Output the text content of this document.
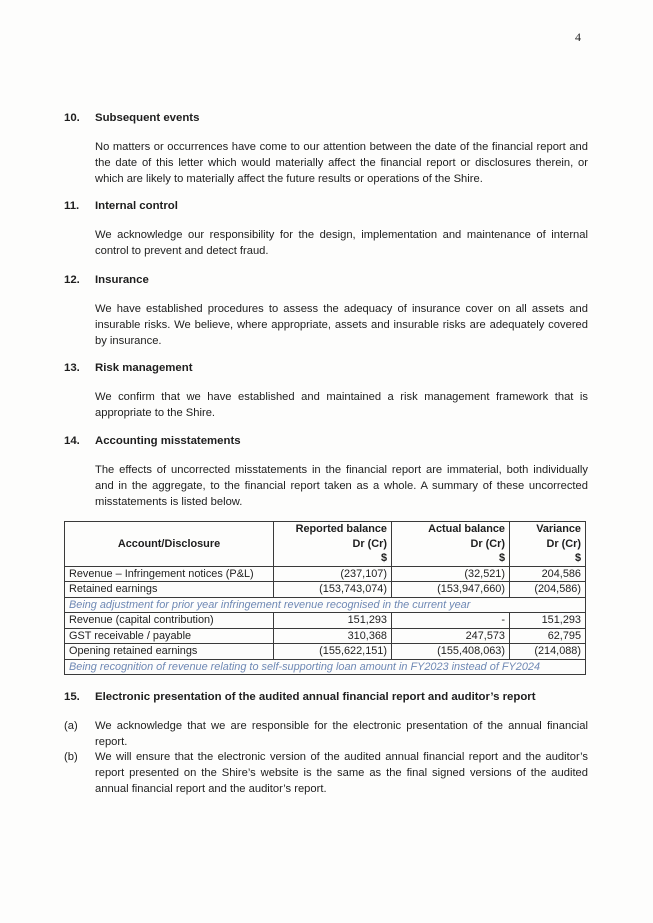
4
10.	Subsequent events
No matters or occurrences have come to our attention between the date of the financial report and the date of this letter which would materially affect the financial report or disclosures therein, or which are likely to materially affect the future results or operations of the Shire.
11.	Internal control
We acknowledge our responsibility for the design, implementation and maintenance of internal control to prevent and detect fraud.
12.	Insurance
We have established procedures to assess the adequacy of insurance cover on all assets and insurable risks. We believe, where appropriate, assets and insurable risks are adequately covered by insurance.
13.	Risk management
We confirm that we have established and maintained a risk management framework that is appropriate to the Shire.
14.	Accounting misstatements
The effects of uncorrected misstatements in the financial report are immaterial, both individually and in the aggregate, to the financial report taken as a whole. A summary of these uncorrected misstatements is listed below.
Account/Disclosure	Reported balance	Actual balance	Variance
	Dr (Cr)	Dr (Cr)	Dr (Cr)
	$	$	$
Revenue – Infringement notices (P&L)	(237,107)	(32,521)	204,586
Retained earnings	(153,743,074)	(153,947,660)	(204,586)
Being adjustment for prior year infringement revenue recognised in the current year			
Revenue (capital contribution)	151,293	-	151,293
GST receivable / payable	310,368	247,573	62,795
Opening retained earnings	(155,622,151)	(155,408,063)	(214,088)
Being recognition of revenue relating to self-supporting loan amount in FY2023 instead of FY2024			
15.	Electronic presentation of the audited annual financial report and auditor’s report
(a)	We acknowledge that we are responsible for the electronic presentation of the annual financial report.
(b)	We will ensure that the electronic version of the audited annual financial report and the auditor’s report presented on the Shire’s website is the same as the final signed versions of the audited annual financial report and the auditor’s report.
